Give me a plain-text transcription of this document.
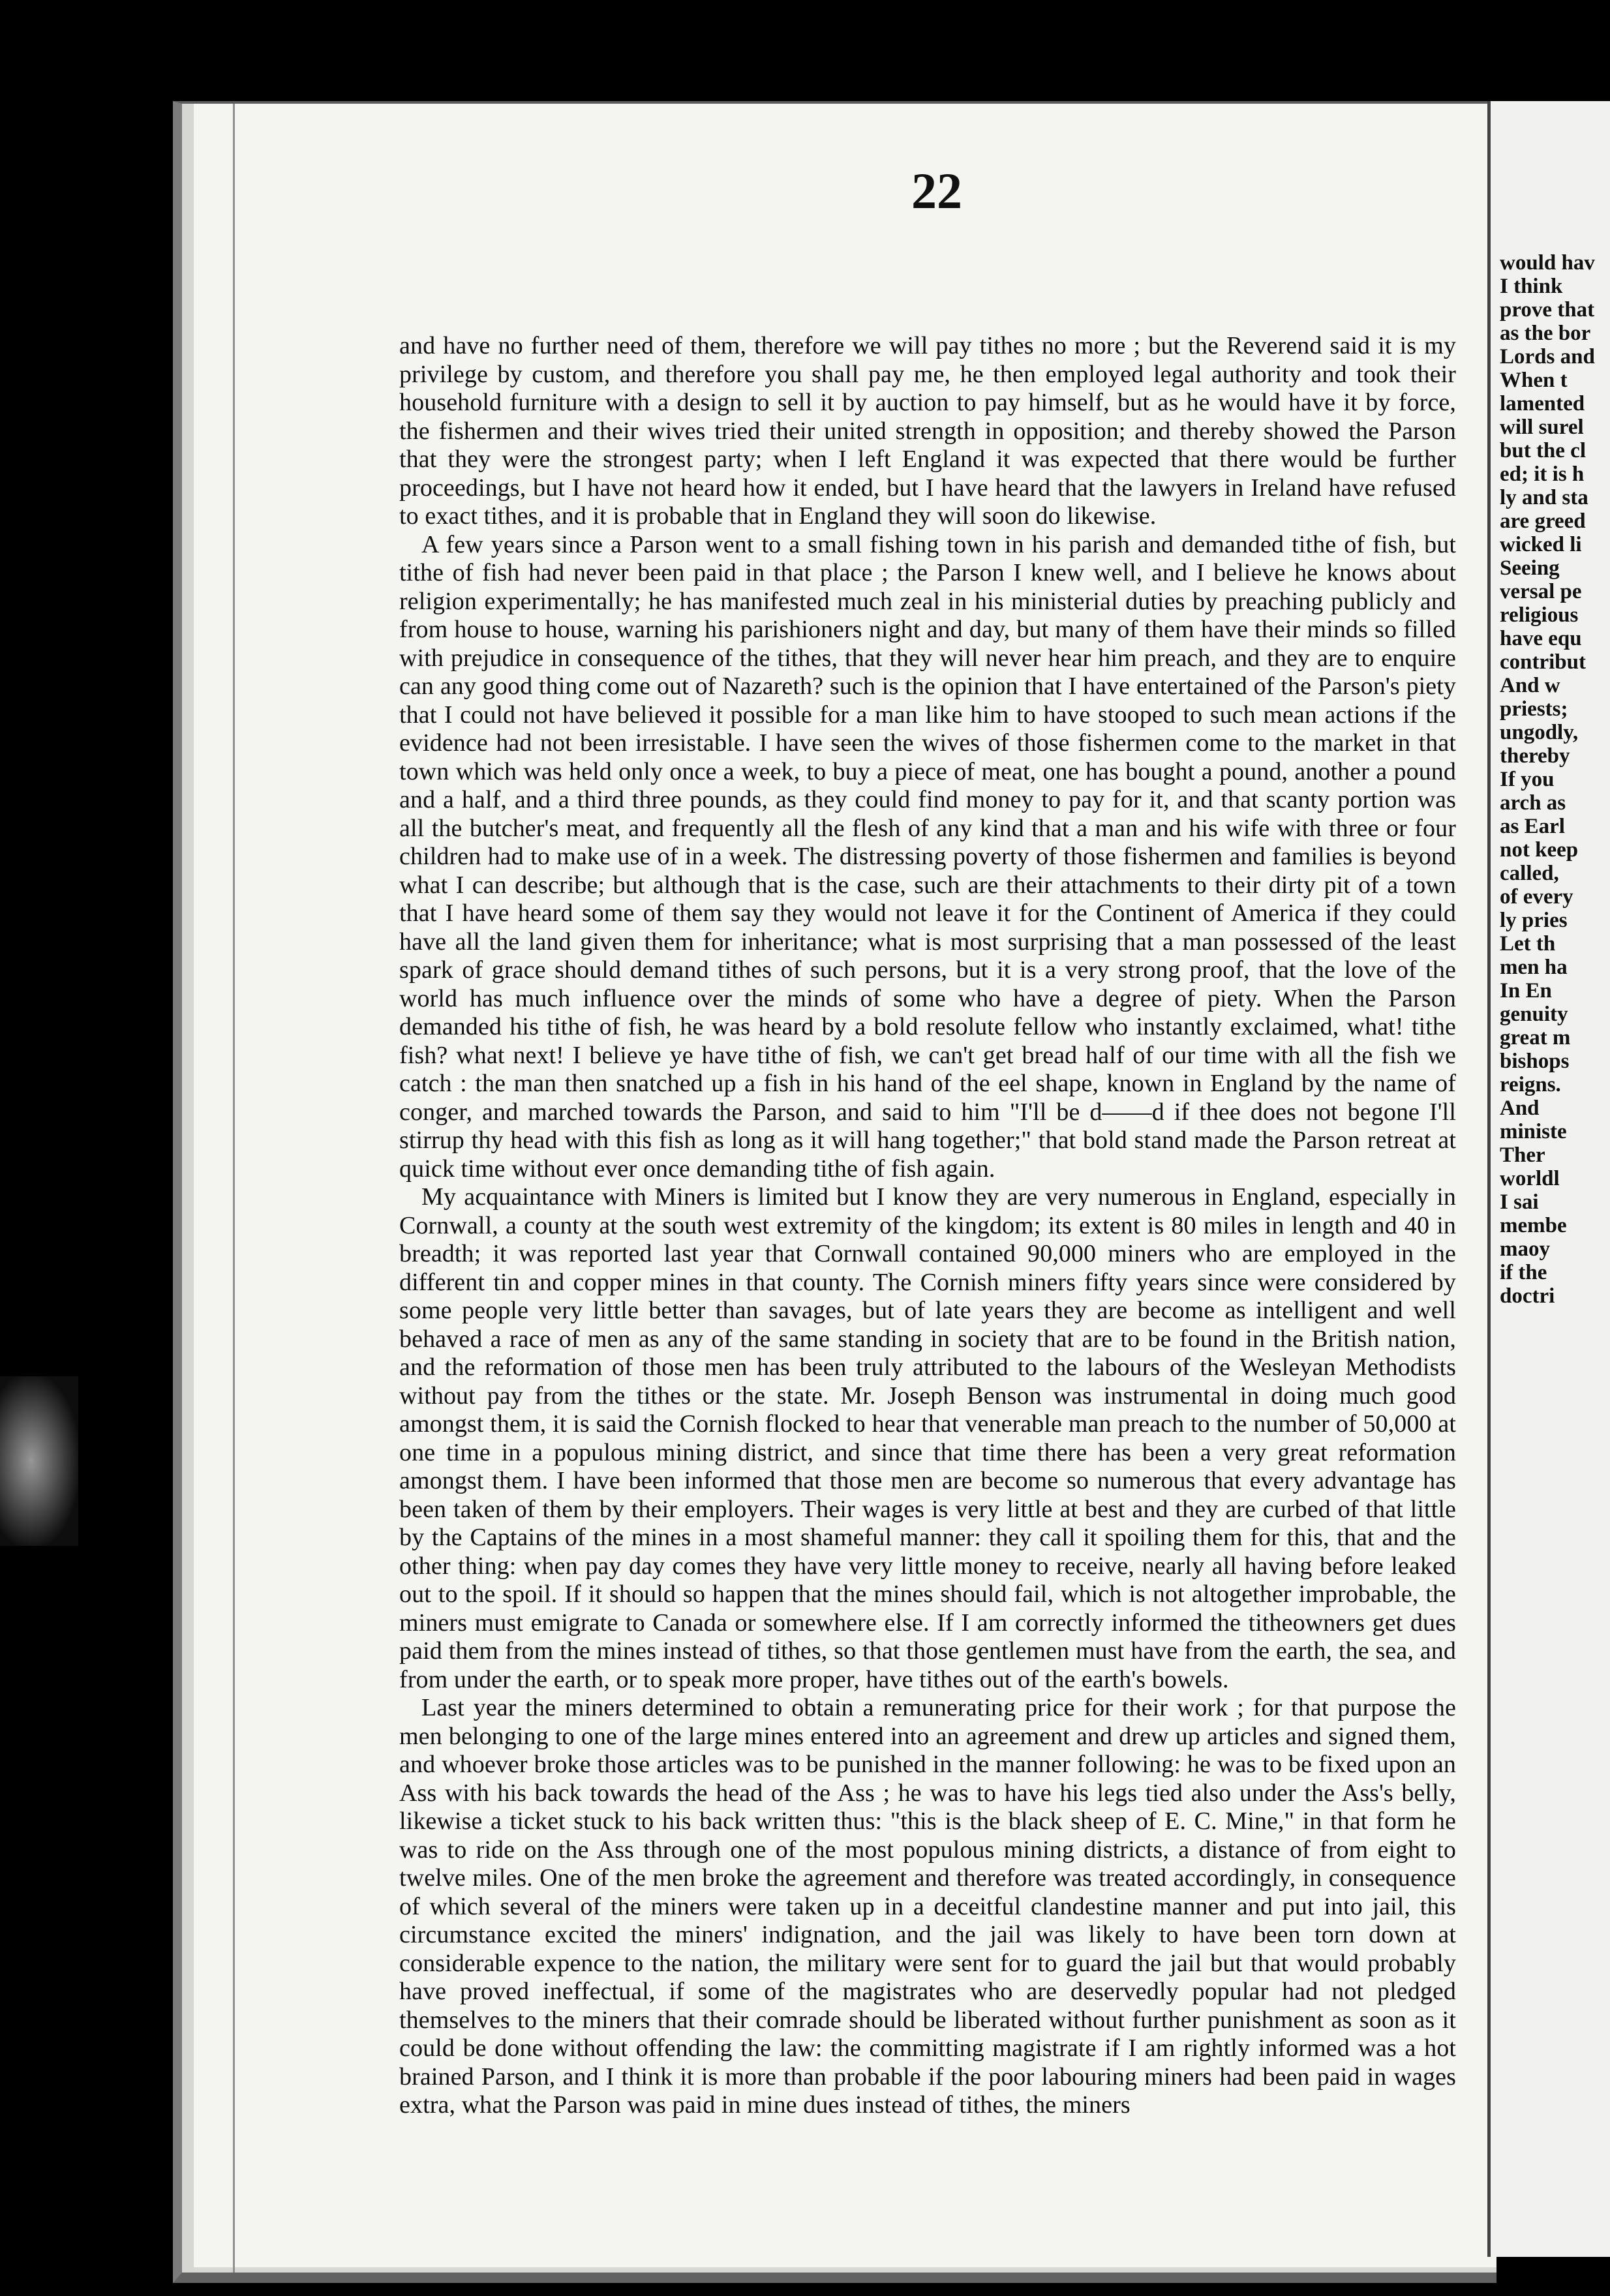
22

and have no further need of them, therefore we will pay tithes no more ; but the Reverend said it is my privilege by custom, and therefore you shall pay me, he then employed legal authority and took their household furniture with a design to sell it by auction to pay himself, but as he would have it by force, the fishermen and their wives tried their united strength in opposition; and thereby showed the Parson that they were the strongest party; when I left England it was expected that there would be further proceedings, but I have not heard how it ended, but I have heard that the lawyers in Ireland have refused to exact tithes, and it is probable that in England they will soon do likewise.

A few years since a Parson went to a small fishing town in his parish and demanded tithe of fish, but tithe of fish had never been paid in that place ; the Parson I knew well, and I believe he knows about religion experimentally; he has manifested much zeal in his ministerial duties by preaching publicly and from house to house, warning his parishioners night and day, but many of them have their minds so filled with prejudice in consequence of the tithes, that they will never hear him preach, and they are to enquire can any good thing come out of Nazareth? such is the opinion that I have entertained of the Parson's piety that I could not have believed it possible for a man like him to have stooped to such mean actions if the evidence had not been irresistable. I have seen the wives of those fishermen come to the market in that town which was held only once a week, to buy a piece of meat, one has bought a pound, another a pound and a half, and a third three pounds, as they could find money to pay for it, and that scanty portion was all the butcher's meat, and frequently all the flesh of any kind that a man and his wife with three or four children had to make use of in a week. The distressing poverty of those fishermen and families is beyond what I can describe; but although that is the case, such are their attachments to their dirty pit of a town that I have heard some of them say they would not leave it for the Continent of America if they could have all the land given them for inheritance; what is most surprising that a man possessed of the least spark of grace should demand tithes of such persons, but it is a very strong proof, that the love of the world has much influence over the minds of some who have a degree of piety. When the Parson demanded his tithe of fish, he was heard by a bold resolute fellow who instantly exclaimed, what! tithe fish? what next! I believe ye have tithe of fish, we can't get bread half of our time with all the fish we catch : the man then snatched up a fish in his hand of the eel shape, known in England by the name of conger, and marched towards the Parson, and said to him "I'll be d——d if thee does not begone I'll stirrup thy head with this fish as long as it will hang together;" that bold stand made the Parson retreat at quick time without ever once demanding tithe of fish again.

My acquaintance with Miners is limited but I know they are very numerous in England, especially in Cornwall, a county at the south west extremity of the kingdom; its extent is 80 miles in length and 40 in breadth; it was reported last year that Cornwall contained 90,000 miners who are employed in the different tin and copper mines in that county. The Cornish miners fifty years since were considered by some people very little better than savages, but of late years they are become as intelligent and well behaved a race of men as any of the same standing in society that are to be found in the British nation, and the reformation of those men has been truly attributed to the labours of the Wesleyan Methodists without pay from the tithes or the state. Mr. Joseph Benson was instrumental in doing much good amongst them, it is said the Cornish flocked to hear that venerable man preach to the number of 50,000 at one time in a populous mining district, and since that time there has been a very great reformation amongst them. I have been informed that those men are become so numerous that every advantage has been taken of them by their employers. Their wages is very little at best and they are curbed of that little by the Captains of the mines in a most shameful manner: they call it spoiling them for this, that and the other thing: when pay day comes they have very little money to receive, nearly all having before leaked out to the spoil. If it should so happen that the mines should fail, which is not altogether improbable, the miners must emigrate to Canada or somewhere else. If I am correctly informed the titheowners get dues paid them from the mines instead of tithes, so that those gentlemen must have from the earth, the sea, and from under the earth, or to speak more proper, have tithes out of the earth's bowels.

Last year the miners determined to obtain a remunerating price for their work ; for that purpose the men belonging to one of the large mines entered into an agreement and drew up articles and signed them, and whoever broke those articles was to be punished in the manner following: he was to be fixed upon an Ass with his back towards the head of the Ass ; he was to have his legs tied also under the Ass's belly, likewise a ticket stuck to his back written thus: "this is the black sheep of E. C. Mine," in that form he was to ride on the Ass through one of the most populous mining districts, a distance of from eight to twelve miles. One of the men broke the agreement and therefore was treated accordingly, in consequence of which several of the miners were taken up in a deceitful clandestine manner and put into jail, this circumstance excited the miners' indignation, and the jail was likely to have been torn down at considerable expence to the nation, the military were sent for to guard the jail but that would probably have proved ineffectual, if some of the magistrates who are deservedly popular had not pledged themselves to the miners that their comrade should be liberated without further punishment as soon as it could be done without offending the law: the committing magistrate if I am rightly informed was a hot brained Parson, and I think it is more than probable if the poor labouring miners had been paid in wages extra, what the Parson was paid in mine dues instead of tithes, the miners

would hav
I think
prove that
as the bor
Lords and
When t
lamented
will surel
but the cl
ed; it is h
ly and sta
are greed
wicked li
Seeing
versal pe
religious
have equ
contribut
And w
priests;
ungodly,
thereby
If you
arch as
as Earl
not keep
called,
of every
ly pries
Let th
men ha
In En
genuity
great m
bishops
reigns.
And
ministe
Ther
worldl
I sai
membe
maoy
if the
doctri
